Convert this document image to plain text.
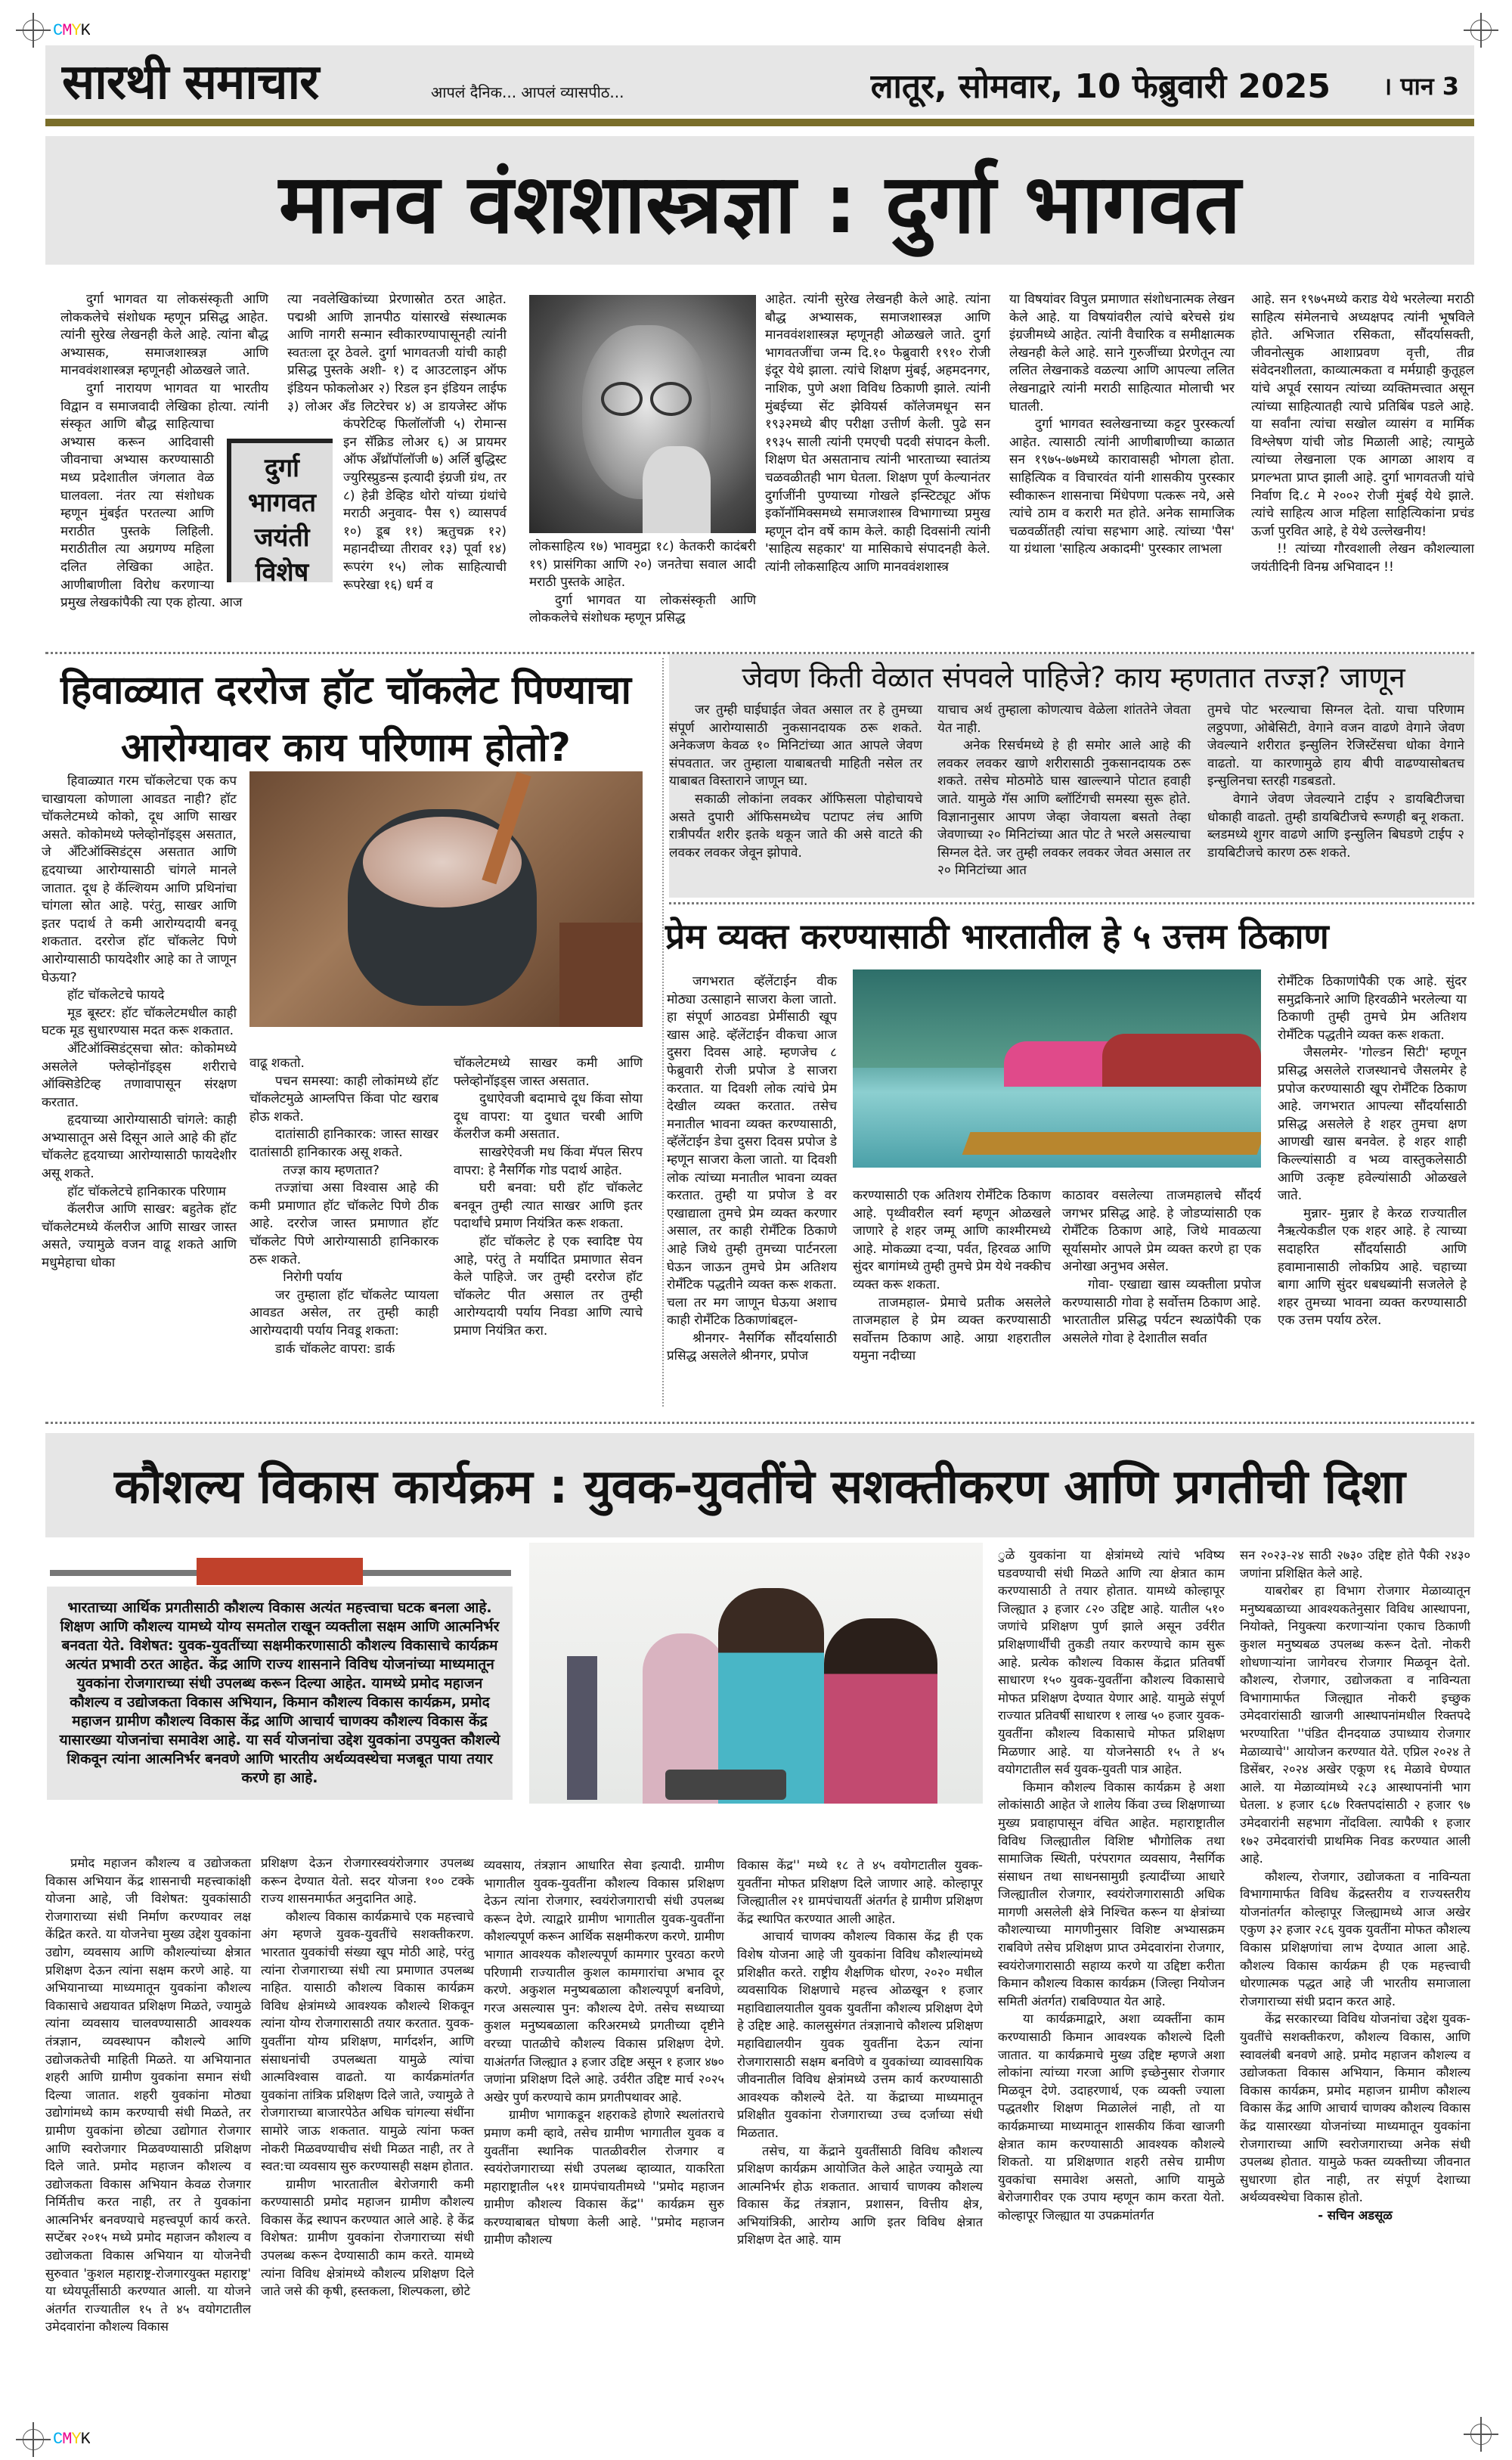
CMYK
CMYK
सारथी समाचार	आपलं दैनिक... आपलं व्यासपीठ...	लातूर, सोमवार, 10 फेब्रुवारी 2025 । पान 3
मानव वंशशास्त्रज्ञा : दुर्गा भागवत

दुर्गा भागवत या लोकसंस्कृती आणि लोककलेचे संशोधक म्हणून प्रसिद्ध आहेत. त्यांनी सुरेख लेखनही केले आहे. त्यांना बौद्ध अभ्यासक, समाजशास्त्रज्ञ आणि मानववंशशास्त्रज्ञ म्हणूनही ओळखले जाते.

दुर्गा नारायण भागवत या भारतीय विद्वान व समाजवादी लेखिका होत्या. त्यांनी संस्कृत आणि बौद्ध साहित्याचा अभ्यास करून आदिवासी जीवनाचा अभ्यास करण्यासाठी मध्य प्रदेशातील जंगलात वेळ घालवला. नंतर त्या संशोधक म्हणून मुंबईत परतल्या आणि मराठीत पुस्तके लिहिली. मराठीतील त्या अग्रगण्य महिला दलित लेखिका आहेत. आणीबाणीला विरोध करणाऱ्या प्रमुख लेखकांपैकी त्या एक होत्या. आज

त्या नवलेखिकांच्या प्रेरणास्रोत ठरत आहेत. पद्मश्री आणि ज्ञानपीठ यांसारखे संस्थात्मक आणि नागरी सन्मान स्वीकारण्यापासूनही त्यांनी स्वतःला दूर ठेवले. दुर्गा भागवतजी यांची काही प्रसिद्ध पुस्तके अशी- १) द आउटलाइन ऑफ इंडियन फोकलोअर २) रिडल इन इंडियन लाईफ ३) लोअर अँड लिटरेचर ४) अ डायजेस्ट ऑफ कंपरेटिव्ह फिलॉलॉजी ५) रोमान्स इन सॅक्रिड लोअर ६) अ प्रायमर ऑफ अँथ्रॉपॉलॉजी ७) अर्लि बुद्धिस्ट ज्युरिस्प्रुडन्स इत्यादी इंग्रजी ग्रंथ, तर ८) हेन्री डेव्हिड थोरो यांच्या ग्रंथांचे मराठी अनुवाद- पैस ९) व्यासपर्व १०) डूब ११) ऋतुचक्र १२) महानदीच्या तीरावर १३) पूर्वा १४) रूपरंग १५) लोक साहित्याची रूपरेखा १६) धर्म व

दुर्गा
भागवत
जयंती
विशेष

लोकसाहित्य १७) भावमुद्रा १८) केतकरी कादंबरी १९) प्रासंगिका आणि २०) जनतेचा सवाल आदी मराठी पुस्तके आहेत.

दुर्गा भागवत या लोकसंस्कृती आणि लोककलेचे संशोधक म्हणून प्रसिद्ध

आहेत. त्यांनी सुरेख लेखनही केले आहे. त्यांना बौद्ध अभ्यासक, समाजशास्त्रज्ञ आणि मानववंशशास्त्रज्ञ म्हणूनही ओळखले जाते. दुर्गा भागवतजींचा जन्म दि.१० फेब्रुवारी १९१० रोजी इंदूर येथे झाला. त्यांचे शिक्षण मुंबई, अहमदनगर, नाशिक, पुणे अशा विविध ठिकाणी झाले. त्यांनी मुंबईच्या सेंट झेवियर्स कॉलेजमधून सन १९३२मध्ये बीए परीक्षा उत्तीर्ण केली. पुढे सन १९३५ साली त्यांनी एमएची पदवी संपादन केली. शिक्षण घेत असतानाच त्यांनी भारताच्या स्वातंत्र्य चळवळीतही भाग घेतला. शिक्षण पूर्ण केल्यानंतर दुर्गाजींनी पुण्याच्या गोखले इन्स्टिट्यूट ऑफ इकॉनॉमिक्समध्ये समाजशास्त्र विभागाच्या प्रमुख म्हणून दोन वर्षे काम केले. काही दिवसांनी त्यांनी 'साहित्य सहकार' या मासिकाचे संपादनही केले. त्यांनी लोकसाहित्य आणि मानववंशशास्त्र

या विषयांवर विपुल प्रमाणात संशोधनात्मक लेखन केले आहे. या विषयांवरील त्यांचे बरेचसे ग्रंथ इंग्रजीमध्ये आहेत. त्यांनी वैचारिक व समीक्षात्मक लेखनही केले आहे. साने गुरुजींच्या प्रेरणेतून त्या ललित लेखनाकडे वळल्या आणि आपल्या ललित लेखनाद्वारे त्यांनी मराठी साहित्यात मोलाची भर घातली.

दुर्गा भागवत स्वलेखनाच्या कट्टर पुरस्कर्त्या आहेत. त्यासाठी त्यांनी आणीबाणीच्या काळात सन १९७५-७७मध्ये कारावासही भोगला होता. साहित्यिक व विचारवंत यांनी शासकीय पुरस्कार स्वीकारून शासनाचा मिंधेपणा पत्करू नये, असे त्यांचे ठाम व करारी मत होते. अनेक सामाजिक चळवळींतही त्यांचा सहभाग आहे. त्यांच्या 'पैस' या ग्रंथाला 'साहित्य अकादमी' पुरस्कार लाभला

आहे. सन १९७५मध्ये कराड येथे भरलेल्या मराठी साहित्य संमेलनाचे अध्यक्षपद त्यांनी भूषविले होते. अभिजात रसिकता, सौंदर्यासक्ती, जीवनोत्सुक आशाप्रवण वृत्ती, तीव्र संवेदनशीलता, काव्यात्मकता व मर्मग्राही कुतूहल यांचे अपूर्व रसायन त्यांच्या व्यक्तिमत्त्वात असून त्यांच्या साहित्यातही त्याचे प्रतिबिंब पडले आहे. या सर्वांना त्यांचा सखोल व्यासंग व मार्मिक विश्लेषण यांची जोड मिळाली आहे; त्यामुळे त्यांच्या लेखनाला एक आगळा आशय व प्रगल्भता प्राप्त झाली आहे. दुर्गा भागवतजी यांचे निर्वाण दि.८ मे २००२ रोजी मुंबई येथे झाले. त्यांचे साहित्य आज महिला साहित्यिकांना प्रचंड ऊर्जा पुरवित आहे, हे येथे उल्लेखनीय!

!! त्यांच्या गौरवशाली लेखन कौशल्याला जयंतीदिनी विनम्र अभिवादन !!

हिवाळ्यात दररोज हॉट चॉकलेट पिण्याचा
आरोग्यावर काय परिणाम होतो?

हिवाळ्यात गरम चॉकलेटचा एक कप चाखायला कोणाला आवडत नाही? हॉट चॉकलेटमध्ये कोको, दूध आणि साखर असते. कोकोमध्ये फ्लेव्होनॉइड्स असतात, जे अँटिऑक्सिडंट्स असतात आणि हृदयाच्या आरोग्यासाठी चांगले मानले जातात. दूध हे कॅल्शियम आणि प्रथिनांचा चांगला स्रोत आहे. परंतु, साखर आणि इतर पदार्थ ते कमी आरोग्यदायी बनवू शकतात. दररोज हॉट चॉकलेट पिणे आरोग्यासाठी फायदेशीर आहे का ते जाणून घेऊया?

हॉट चॉकलेटचे फायदे

मूड बूस्टर: हॉट चॉकलेटमधील काही घटक मूड सुधारण्यास मदत करू शकतात.

अँटिऑक्सिडंट्सचा स्रोत: कोकोमध्ये असलेले फ्लेव्होनॉइड्स शरीराचे ऑक्सिडेटिव्ह तणावापासून संरक्षण करतात.

हृदयाच्या आरोग्यासाठी चांगले: काही अभ्यासातून असे दिसून आले आहे की हॉट चॉकलेट हृदयाच्या आरोग्यासाठी फायदेशीर असू शकते.

हॉट चॉकलेटचे हानिकारक परिणाम

कॅलरीज आणि साखर: बहुतेक हॉट चॉकलेटमध्ये कॅलरीज आणि साखर जास्त असते, ज्यामुळे वजन वाढू शकते आणि मधुमेहाचा धोका

वाढू शकतो.

पचन समस्या: काही लोकांमध्ये हॉट चॉकलेटमुळे आम्लपित्त किंवा पोट खराब होऊ शकते.

दातांसाठी हानिकारक: जास्त साखर दातांसाठी हानिकारक असू शकते.

तज्ज्ञ काय म्हणतात?

तज्ज्ञांचा असा विश्वास आहे की कमी प्रमाणात हॉट चॉकलेट पिणे ठीक आहे. दररोज जास्त प्रमाणात हॉट चॉकलेट पिणे आरोग्यासाठी हानिकारक ठरू शकते.

निरोगी पर्याय

जर तुम्हाला हॉट चॉकलेट प्यायला आवडत असेल, तर तुम्ही काही आरोग्यदायी पर्याय निवडू शकता:

डार्क चॉकलेट वापरा: डार्क

चॉकलेटमध्ये साखर कमी आणि फ्लेव्होनॉइड्स जास्त असतात.

दुधाऐवजी बदामाचे दूध किंवा सोया दूध वापरा: या दुधात चरबी आणि कॅलरीज कमी असतात.

साखरेऐवजी मध किंवा मॅपल सिरप वापरा: हे नैसर्गिक गोड पदार्थ आहेत.

घरी बनवा: घरी हॉट चॉकलेट बनवून तुम्ही त्यात साखर आणि इतर पदार्थांचे प्रमाण नियंत्रित करू शकता.

हॉट चॉकलेट हे एक स्वादिष्ट पेय आहे, परंतु ते मर्यादित प्रमाणात सेवन केले पाहिजे. जर तुम्ही दररोज हॉट चॉकलेट पीत असाल तर तुम्ही आरोग्यदायी पर्याय निवडा आणि त्याचे प्रमाण नियंत्रित करा.

जेवण किती वेळात संपवले पाहिजे? काय म्हणतात तज्ज्ञ? जाणून

जर तुम्ही घाईघाईत जेवत असाल तर हे तुमच्या संपूर्ण आरोग्यासाठी नुकसानदायक ठरू शकते. अनेकजण केवळ १० मिनिटांच्या आत आपले जेवण संपवतात. जर तुम्हाला याबाबतची माहिती नसेल तर याबाबत विस्ताराने जाणून घ्या.

सकाळी लोकांना लवकर ऑफिसला पोहोचायचे असते दुपारी ऑफिसमध्येच पटापट लंच आणि रात्रीपर्यंत शरीर इतके थकून जाते की असे वाटते की लवकर लवकर जेवून झोपावे.

याचाच अर्थ तुम्हाला कोणत्याच वेळेला शांततेने जेवता येत नाही.

अनेक रिसर्चमध्ये हे ही समोर आले आहे की लवकर लवकर खाणे शरीरासाठी नुकसानदायक ठरू शकते. तसेच मोठमोठे घास खाल्ल्याने पोटात हवाही जाते. यामुळे गॅस आणि ब्लॉटिंगची समस्या सुरू होते. विज्ञानानुसार आपण जेव्हा जेवायला बसतो तेव्हा जेवणाच्या २० मिनिटांच्या आत पोट ते भरले असल्याचा सिग्नल देते. जर तुम्ही लवकर लवकर जेवत असाल तर २० मिनिटांच्या आत

तुमचे पोट भरल्याचा सिग्नल देतो. याचा परिणाम लठ्ठपणा, ओबेसिटी, वेगाने वजन वाढणे वेगाने जेवण जेवल्याने शरीरात इन्सुलिन रेजिस्टेंसचा धोका वेगाने वाढतो. या कारणामुळे हाय बीपी वाढण्यासोबतच इन्सुलिनचा स्तरही गडबडतो.

वेगाने जेवण जेवल्याने टाईप २ डायबिटीजचा धोकाही वाढतो. तुम्ही डायबिटीजचे रूग्णही बनू शकता. ब्लडमध्ये शुगर वाढणे आणि इन्सुलिन बिघडणे टाईप २ डायबिटीजचे कारण ठरू शकते.

प्रेम व्यक्त करण्यासाठी भारतातील हे ५ उत्तम ठिकाण

जगभरात व्हॅलेंटाईन वीक मोठ्या उत्साहाने साजरा केला जातो. हा संपूर्ण आठवडा प्रेमींसाठी खूप खास आहे. व्हॅलेंटाईन वीकचा आज दुसरा दिवस आहे. म्हणजेच ८ फेब्रुवारी रोजी प्रपोज डे साजरा करतात. या दिवशी लोक त्यांचे प्रेम देखील व्यक्त करतात. तसेच मनातील भावना व्यक्त करण्यासाठी, व्हॅलेंटाईन डेचा दुसरा दिवस प्रपोज डे म्हणून साजरा केला जातो. या दिवशी लोक त्यांच्या मनातील भावना व्यक्त करतात. तुम्ही या प्रपोज डे वर एखाद्याला तुमचे प्रेम व्यक्त करणार असाल, तर काही रोमॅंटिक ठिकाणे आहे जिथे तुम्ही तुमच्या पार्टनरला घेऊन जाऊन तुमचे प्रेम अतिशय रोमॅंटिक पद्धतीने व्यक्त करू शकता. चला तर मग जाणून घेऊया अशाच काही रोमॅंटिक ठिकाणांबद्दल-

श्रीनगर- नैसर्गिक सौंदर्यासाठी प्रसिद्ध असलेले श्रीनगर, प्रपोज

करण्यासाठी एक अतिशय रोमॅंटिक ठिकाण आहे. पृथ्वीवरील स्वर्ग म्हणून ओळखले जाणारे हे शहर जम्मू आणि काश्मीरमध्ये आहे. मोकळ्या दऱ्या, पर्वत, हिरवळ आणि सुंदर बागांमध्ये तुम्ही तुमचे प्रेम येथे नक्कीच व्यक्त करू शकता.

ताजमहाल- प्रेमाचे प्रतीक असलेले ताजमहाल हे प्रेम व्यक्त करण्यासाठी सर्वोत्तम ठिकाण आहे. आग्रा शहरातील यमुना नदीच्या

काठावर वसलेल्या ताजमहालचे सौंदर्य जगभर प्रसिद्ध आहे. हे जोडप्यांसाठी एक रोमॅंटिक ठिकाण आहे, जिथे मावळत्या सूर्यासमोर आपले प्रेम व्यक्त करणे हा एक अनोखा अनुभव असेल.

गोवा- एखाद्या खास व्यक्तीला प्रपोज करण्यासाठी गोवा हे सर्वोत्तम ठिकाण आहे. भारतातील प्रसिद्ध पर्यटन स्थळांपैकी एक असलेले गोवा हे देशातील सर्वात

रोमॅंटिक ठिकाणांपैकी एक आहे. सुंदर समुद्रकिनारे आणि हिरवळीने भरलेल्या या ठिकाणी तुम्ही तुमचे प्रेम अतिशय रोमॅंटिक पद्धतीने व्यक्त करू शकता.

जैसलमेर- 'गोल्डन सिटी' म्हणून प्रसिद्ध असलेले राजस्थानचे जैसलमेर हे प्रपोज करण्यासाठी खूप रोमॅंटिक ठिकाण आहे. जगभरात आपल्या सौंदर्यासाठी प्रसिद्ध असलेले हे शहर तुमचा क्षण आणखी खास बनवेल. हे शहर शाही किल्ल्यांसाठी व भव्य वास्तुकलेसाठी आणि उत्कृष्ट हवेल्यांसाठी ओळखले जाते.

मुन्नार- मुन्नार हे केरळ राज्यातील नैऋत्येकडील एक शहर आहे. हे त्याच्या सदाहरित सौंदर्यासाठी आणि हवामानासाठी लोकप्रिय आहे. चहाच्या बागा आणि सुंदर धबधब्यांनी सजलेले हे शहर तुमच्या भावना व्यक्त करण्यासाठी एक उत्तम पर्याय ठरेल.

कौशल्य विकास कार्यक्रम : युवक-युवतींचे सशक्तीकरण आणि प्रगतीची दिशा

भारताच्या आर्थिक प्रगतीसाठी कौशल्य विकास अत्यंत महत्त्वाचा घटक बनला आहे. शिक्षण आणि कौशल्य यामध्ये योग्य समतोल राखून व्यक्तीला सक्षम आणि आत्मनिर्भर बनवता येते. विशेषत: युवक-युवतींच्या सक्षमीकरणासाठी कौशल्य विकासाचे कार्यक्रम अत्यंत प्रभावी ठरत आहेत. केंद्र आणि राज्य शासनाने विविध योजनांच्या माध्यमातून युवकांना रोजगाराच्या संधी उपलब्ध करून दिल्या आहेत. यामध्ये प्रमोद महाजन कौशल्य व उद्योजकता विकास अभियान, किमान कौशल्य विकास कार्यक्रम, प्रमोद महाजन ग्रामीण कौशल्य विकास केंद्र आणि आचार्य चाणक्य कौशल्य विकास केंद्र यासारख्या योजनांचा समावेश आहे. या सर्व योजनांचा उद्देश युवकांना उपयुक्त कौशल्ये शिकवून त्यांना आत्मनिर्भर बनवणे आणि भारतीय अर्थव्यवस्थेचा मजबूत पाया तयार करणे हा आहे.

प्रमोद महाजन कौशल्य व उद्योजकता विकास अभियान केंद्र शासनाची महत्त्वाकांक्षी योजना आहे, जी विशेषत: युवकांसाठी रोजगाराच्या संधी निर्माण करण्यावर लक्ष केंद्रित करते. या योजनेचा मुख्य उद्देश युवकांना उद्योग, व्यवसाय आणि कौशल्यांच्या क्षेत्रात प्रशिक्षण देऊन त्यांना सक्षम करणे आहे. या अभियानाच्या माध्यमातून युवकांना कौशल्य विकासाचे अद्ययावत प्रशिक्षण मिळते, ज्यामुळे त्यांना व्यवसाय चालवण्यासाठी आवश्यक तंत्रज्ञान, व्यवस्थापन कौशल्ये आणि उद्योजकतेची माहिती मिळते. या अभियानात शहरी आणि ग्रामीण युवकांना समान संधी दिल्या जातात. शहरी युवकांना मोठ्या उद्योगांमध्ये काम करण्याची संधी मिळते, तर ग्रामीण युवकांना छोट्या उद्योगात रोजगार आणि स्वरोजगार मिळवण्यासाठी प्रशिक्षण दिले जाते. प्रमोद महाजन कौशल्य व उद्योजकता विकास अभियान केवळ रोजगार निर्मितीच करत नाही, तर ते युवकांना आत्मनिर्भर बनवण्याचे महत्त्वपूर्ण कार्य करते. सप्टेंबर २०१५ मध्ये प्रमोद महाजन कौशल्य व उद्योजकता विकास अभियान या योजनेची सुरुवात 'कुशल महाराष्ट्र-रोजगारयुक्त महाराष्ट्र' या ध्येयपूर्तीसाठी करण्यात आली. या योजने अंतर्गत राज्यातील १५ ते ४५ वयोगटातील उमेदवारांना कौशल्य विकास

प्रशिक्षण देऊन रोजगारस्वयंरोजगार उपलब्ध करून देण्यात येतो. सदर योजना १०० टक्के राज्य शासनमार्फत अनुदानित आहे.

कौशल्य विकास कार्यक्रमाचे एक महत्त्वाचे अंग म्हणजे युवक-युवतींचे सशक्तीकरण. भारतात युवकांची संख्या खूप मोठी आहे, परंतु त्यांना रोजगाराच्या संधी त्या प्रमाणात उपलब्ध नाहित. यासाठी कौशल्य विकास कार्यक्रम विविध क्षेत्रांमध्ये आवश्यक कौशल्ये शिकवून त्यांना योग्य रोजगारासाठी तयार करतात. युवक-युवतींना योग्य प्रशिक्षण, मार्गदर्शन, आणि संसाधनांची उपलब्धता यामुळे त्यांचा आत्मविश्वास वाढतो. या कार्यक्रमांतर्गत युवकांना तांत्रिक प्रशिक्षण दिले जाते, ज्यामुळे ते रोजगाराच्या बाजारपेठेत अधिक चांगल्या संधींना सामोरे जाऊ शकतात. यामुळे त्यांना फक्त नोकरी मिळवण्याचीच संधी मिळत नाही, तर ते स्वत:चा व्यवसाय सुरु करण्यासही सक्षम होतात.

ग्रामीण भारतातील बेरोजगारी कमी करण्यासाठी प्रमोद महाजन ग्रामीण कौशल्य विकास केंद्र स्थापन करण्यात आले आहे. हे केंद्र विशेषत: ग्रामीण युवकांना रोजगाराच्या संधी उपलब्ध करून देण्यासाठी काम करते. यामध्ये त्यांना विविध क्षेत्रांमध्ये कौशल्य प्रशिक्षण दिले जाते जसे की कृषी, हस्तकला, शिल्पकला, छोटे

व्यवसाय, तंत्रज्ञान आधारित सेवा इत्यादी. ग्रामीण भागातील युवक-युवतींना कौशल्य विकास प्रशिक्षण देऊन त्यांना रोजगार, स्वयंरोजगाराची संधी उपलब्ध करून देणे. त्याद्वारे ग्रामीण भागातील युवक-युवतींना कौशल्यपूर्ण करून आर्थिक सक्षमीकरण करणे. ग्रामीण भागात आवश्यक कौशल्यपूर्ण कामगार पुरवठा करणे परिणामी राज्यातील कुशल कामगारांचा अभाव दूर करणे. अकुशल मनुष्यबळाला कौशल्यपूर्ण बनविणे, गरज असल्यास पुन: कौशल्य देणे. तसेच सध्याच्या कुशल मनुष्यबळाला करिअरमध्ये प्रगतीच्या दृष्टीने वरच्या पातळीचे कौशल्य विकास प्रशिक्षण देणे. याअंतर्गत जिल्ह्यात ३ हजार उद्दिष्ट असून १ हजार ४७० जणांना प्रशिक्षण दिले आहे. उर्वरीत उद्दिष्ट मार्च २०२५ अखेर पुर्ण करण्याचे काम प्रगतीपथावर आहे.

ग्रामीण भागाकडून शहराकडे होणारे स्थलांतराचे प्रमाण कमी व्हावे, तसेच ग्रामीण भागातील युवक व युवतींना स्थानिक पातळीवरील रोजगार व स्वयंरोजगाराच्या संधी उपलब्ध व्हाव्यात, याकरिता महाराष्ट्रातील ५११ ग्रामपंचायतीमध्ये ''प्रमोद महाजन ग्रामीण कौशल्य विकास केंद्र'' कार्यक्रम सुरु करण्याबाबत घोषणा केली आहे. ''प्रमोद महाजन ग्रामीण कौशल्य

विकास केंद्र'' मध्ये १८ ते ४५ वयोगटातील युवक-युवतींना मोफत प्रशिक्षण दिले जाणार आहे. कोल्हापूर जिल्ह्यातील २१ ग्रामपंचायतीं अंतर्गत हे ग्रामीण प्रशिक्षण केंद्र स्थापित करण्यात आली आहेत.

आचार्य चाणक्य कौशल्य विकास केंद्र ही एक विशेष योजना आहे जी युवकांना विविध कौशल्यांमध्ये प्रशिक्षीत करते. राष्ट्रीय शैक्षणिक धोरण, २०२० मधील व्यवसायिक शिक्षणाचे महत्त्व ओळखून १ हजार महाविद्यालयातील युवक युवतींना कौशल्य प्रशिक्षण देणे हे उद्दिष्ट आहे. कालसुसंगत तंत्रज्ञानाचे कौशल्य प्रशिक्षण महाविद्यालयीन युवक युवतींना देऊन त्यांना रोजगारासाठी सक्षम बनविणे व युवकांच्या व्यावसायिक जीवनातील विविध क्षेत्रांमध्ये उत्तम कार्य करण्यासाठी आवश्यक कौशल्ये देते. या केंद्राच्या माध्यमातून प्रशिक्षीत युवकांना रोजगाराच्या उच्च दर्जाच्या संधी मिळतात.

तसेच, या केंद्राने युवतींसाठी विविध कौशल्य प्रशिक्षण कार्यक्रम आयोजित केले आहेत ज्यामुळे त्या आत्मनिर्भर होऊ शकतात. आचार्य चाणक्य कौशल्य विकास केंद्र तंत्रज्ञान, प्रशासन, वित्तीय क्षेत्र, अभियांत्रिकी, आरोग्य आणि इतर विविध क्षेत्रात प्रशिक्षण देत आहे. याम

ुळे युवकांना या क्षेत्रांमध्ये त्यांचे भविष्य घडवण्याची संधी मिळते आणि त्या क्षेत्रात काम करण्यासाठी ते तयार होतात. यामध्ये कोल्हापूर जिल्ह्यात ३ हजार ८२० उद्दिष्ट आहे. यातील ५१० जणांचे प्रशिक्षण पुर्ण झाले असून उर्वरीत प्रशिक्षणार्थींची तुकडी तयार करण्याचे काम सुरू आहे. प्रत्येक कौशल्य विकास केंद्रात प्रतिवर्षी साधारण १५० युवक-युवतींना कौशल्य विकासाचे मोफत प्रशिक्षण देण्यात येणार आहे. यामुळे संपूर्ण राज्यात प्रतिवर्षी साधारण १ लाख ५० हजार युवक-युवतींना कौशल्य विकासाचे मोफत प्रशिक्षण मिळणार आहे. या योजनेसाठी १५ ते ४५ वयोगटातील सर्व युवक-युवती पात्र आहेत.

किमान कौशल्य विकास कार्यक्रम हे अशा लोकांसाठी आहेत जे शालेय किंवा उच्च शिक्षणाच्या मुख्य प्रवाहापासून वंचित आहेत. महाराष्ट्रातील विविध जिल्ह्यातील विशिष्ट भौगोलिक तथा सामाजिक स्थिती, परंपरागत व्यवसाय, नैसर्गिक संसाधन तथा साधनसामुग्री इत्यादींच्या आधारे जिल्ह्यातील रोजगार, स्वयंरोजगारासाठी अधिक मागणी असलेली क्षेत्रे निश्चित करून या क्षेत्रांच्या कौशल्याच्या मागणीनुसार विशिष्ट अभ्यासक्रम राबविणे तसेच प्रशिक्षण प्राप्त उमेदवारांना रोजगार, स्वयंरोजगारासाठी सहाय्य करणे या उद्दिष्टा करीता किमान कौशल्य विकास कार्यक्रम (जिल्हा नियोजन समिती अंतर्गत) राबविण्यात येत आहे.

या कार्यक्रमाद्वारे, अशा व्यक्तींना काम करण्यासाठी किमान आवश्यक कौशल्ये दिली जातात. या कार्यक्रमाचे मुख्य उद्दिष्ट म्हणजे अशा लोकांना त्यांच्या गरजा आणि इच्छेनुसार रोजगार मिळवून देणे. उदाहरणार्थ, एक व्यक्ती ज्याला पद्धतशीर शिक्षण मिळालेलं नाही, तो या कार्यक्रमाच्या माध्यमातून शासकीय किंवा खाजगी क्षेत्रात काम करण्यासाठी आवश्यक कौशल्ये शिकतो. या प्रशिक्षणात शहरी तसेच ग्रामीण युवकांचा समावेश असतो, आणि यामुळे बेरोजगारीवर एक उपाय म्हणून काम करता येतो. कोल्हापूर जिल्ह्यात या उपक्रमांतर्गत

सन २०२३-२४ साठी २७३० उद्दिष्ट होते पैकी २४३० जणांना प्रशिक्षित केले आहे.

याबरोबर हा विभाग रोजगार मेळाव्यातून मनुष्यबळाच्या आवश्यकतेनुसार विविध आस्थापना, नियोक्ते, नियुक्त्या करणाऱ्यांना एकाच ठिकाणी कुशल मनुष्यबळ उपलब्ध करून देतो. नोकरी शोधणाऱ्यांना जागेवरच रोजगार मिळवून देतो. कौशल्य, रोजगार, उद्योजकता व नाविन्यता विभागामार्फत जिल्ह्यात नोकरी इच्छुक उमेदवारांसाठी खाजगी आस्थापनांमधील रिक्तपदे भरण्यारिता ''पंडित दीनदयाळ उपाध्याय रोजगार मेळाव्याचे'' आयोजन करण्यात येते. एप्रिल २०२४ ते डिसेंबर, २०२४ अखेर एकूण १६ मेळावे घेण्यात आले. या मेळाव्यांमध्ये २८३ आस्थापनांनी भाग घेतला. ४ हजार ६८७ रिक्तपदांसाठी २ हजार ९७ उमेदवारांनी सहभाग नोंदविला. त्यापैकी १ हजार १७२ उमेदवारांची प्राथमिक निवड करण्यात आली आहे.

कौशल्य, रोजगार, उद्योजकता व नाविन्यता विभागामार्फत विविध केंद्रस्तरीय व राज्यस्तरीय योजनांतर्गत कोल्हापूर जिल्ह्यामध्ये आज अखेर एकुण ३२ हजार २८६ युवक युवतींना मोफत कौशल्य विकास प्रशिक्षणांचा लाभ देण्यात आला आहे. कौशल्य विकास कार्यक्रम ही एक महत्त्वाची धोरणात्मक पद्धत आहे जी भारतीय समाजाला रोजगाराच्या संधी प्रदान करत आहे.

केंद्र सरकारच्या विविध योजनांचा उद्देश युवक-युवतींचे सशक्तीकरण, कौशल्य विकास, आणि स्वावलंबी बनवणे आहे. प्रमोद महाजन कौशल्य व उद्योजकता विकास अभियान, किमान कौशल्य विकास कार्यक्रम, प्रमोद महाजन ग्रामीण कौशल्य विकास केंद्र आणि आचार्य चाणक्य कौशल्य विकास केंद्र यासारख्या योजनांच्या माध्यमातून युवकांना रोजगाराच्या आणि स्वरोजगाराच्या अनेक संधी उपलब्ध होतात. यामुळे फक्त व्यक्तीच्या जीवनात सुधारणा होत नाही, तर संपूर्ण देशाच्या अर्थव्यवस्थेचा विकास होतो.

- सचिन अडसूळ
